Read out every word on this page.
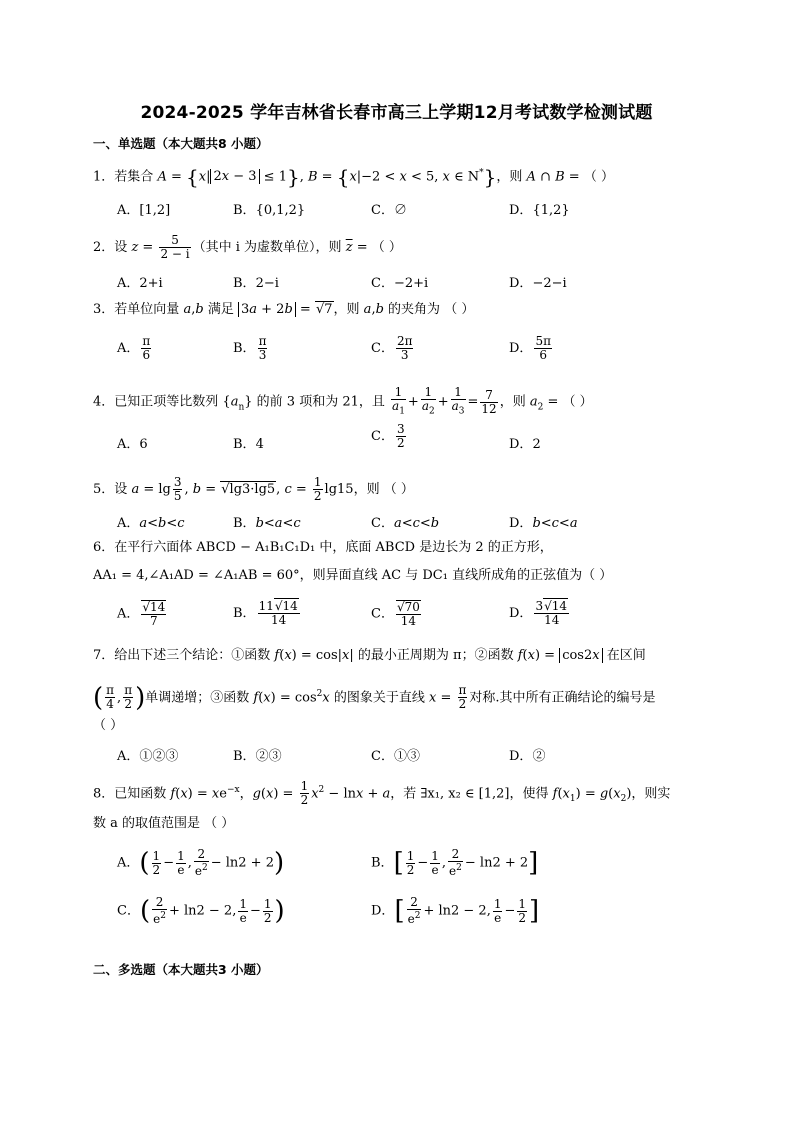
2024-2025 学年吉林省长春市高三上学期12月考试数学检测试题
一、单选题（本大题共8 小题）
1．若集合 A = {x| 2x − 3 ≤ 1}, B = {x|−2 < x < 5, x ∈ N*}，则 A ∩ B = （ ）
A．[1,2]	B．{0,1,2}	C．∅	D．{1,2}
2．设 $z = \frac{5}{2 - i}$ （其中 i 为虚数单位），则 $\overline{z}$ = （ ）
A．2+i	B．2−i	C．−2+i	D．−2−i
3．若单位向量 a,b 满足 3a + 2b = √7，则 a,b 的夹角为 （ ）
A． $\frac{\pi}{6}$	B． $\frac{\pi}{3}$	C． $\frac{2\pi}{3}$	D． $\frac{5\pi}{6}$
4．已知正项等比数列 $\{a_n\}$ 的前 3 项和为 21，且 $\frac{1}{a_1} + \frac{1}{a_2} + \frac{1}{a_3} = \frac{7}{12}$ ，则 $a_2$ = （ ）
A．6	B．4
C． $\frac{3}{2}$	D．2
5．设 $a = \lg \frac{3}{5}$ , b = √lg3·lg5, $c = \frac{1}{2} \lg 15$，则 （ ）
A．a<b<c	B．b<a<c	C．a<c<b	D．b<c<a
6．在平行六面体 ABCD − A₁B₁C₁D₁ 中，底面 ABCD 是边长为 2 的正方形，
AA₁ = 4,∠A₁AD = ∠A₁AB = 60°，则异面直线 AC 与 DC₁ 直线所成角的正弦值为（ ）
A． $\frac{√14}{7}$	B． $\frac{11√14}{14}$	C． $\frac{√70}{14}$	D． $\frac{3√14}{14}$
7．给出下述三个结论：①函数 f(x) = cos|x| 的最小正周期为 π；②函数 f(x) = cos2x 在区间
( $\frac{\pi}{4}$ , $\frac{\pi}{2}$ )单调递增；③函数 $f(x) = \cos^2x$ 的图象关于直线 $x = \frac{\pi}{2}$ 对称.其中所有正确结论的编号是
（ ）
A．①②③	B．②③	C．①③	D．②
8．已知函数 $f(x) = xe^{-x}$，$g(x) = \frac{1}{2} x^2 - \ln x + a$，若 ∃x₁, x₂ ∈ [1,2]，使得 $f(x_1) = g(x_2)$，则实
数 a 的取值范围是 （ ）
A．( $\frac{1}{2} - \frac{1}{e}$ , $\frac{2}{e^2} - \ln 2 + 2$)	B．[ $\frac{1}{2} - \frac{1}{e}$ , $\frac{2}{e^2} - \ln 2 + 2$]
C．( $\frac{2}{e^2} + \ln 2 - 2$, $\frac{1}{e} - \frac{1}{2}$ )	D．[ $\frac{2}{e^2} + \ln 2 - 2$, $\frac{1}{e} - \frac{1}{2}$ ]
二、多选题（本大题共3 小题）
